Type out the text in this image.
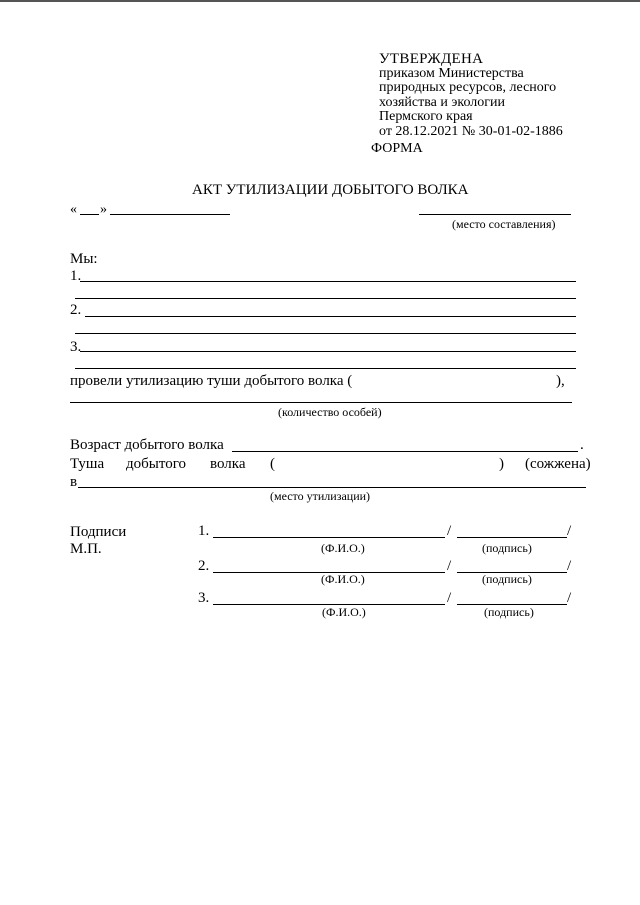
УТВЕРЖДЕНА
приказом Министерства
природных ресурсов, лесного
хозяйства и экологии
Пермского края
от 28.12.2021 № 30-01-02-1886
ФОРМА
АКТ УТИЛИЗАЦИИ ДОБЫТОГО ВОЛКА
« »
(место составления)
Мы:
1.
2.
3.
провели утилизацию туши добытого волка (	),
(количество особей)
Возраст добытого волка	.
Туша добытого волка (	) (сожжена)
в
(место утилизации)
Подписи
М.П.
1.	/	/
(Ф.И.О.)	(подпись)
2.	/	/
(Ф.И.О.)	(подпись)
3.	/	/
(Ф.И.О.)	(подпись)
